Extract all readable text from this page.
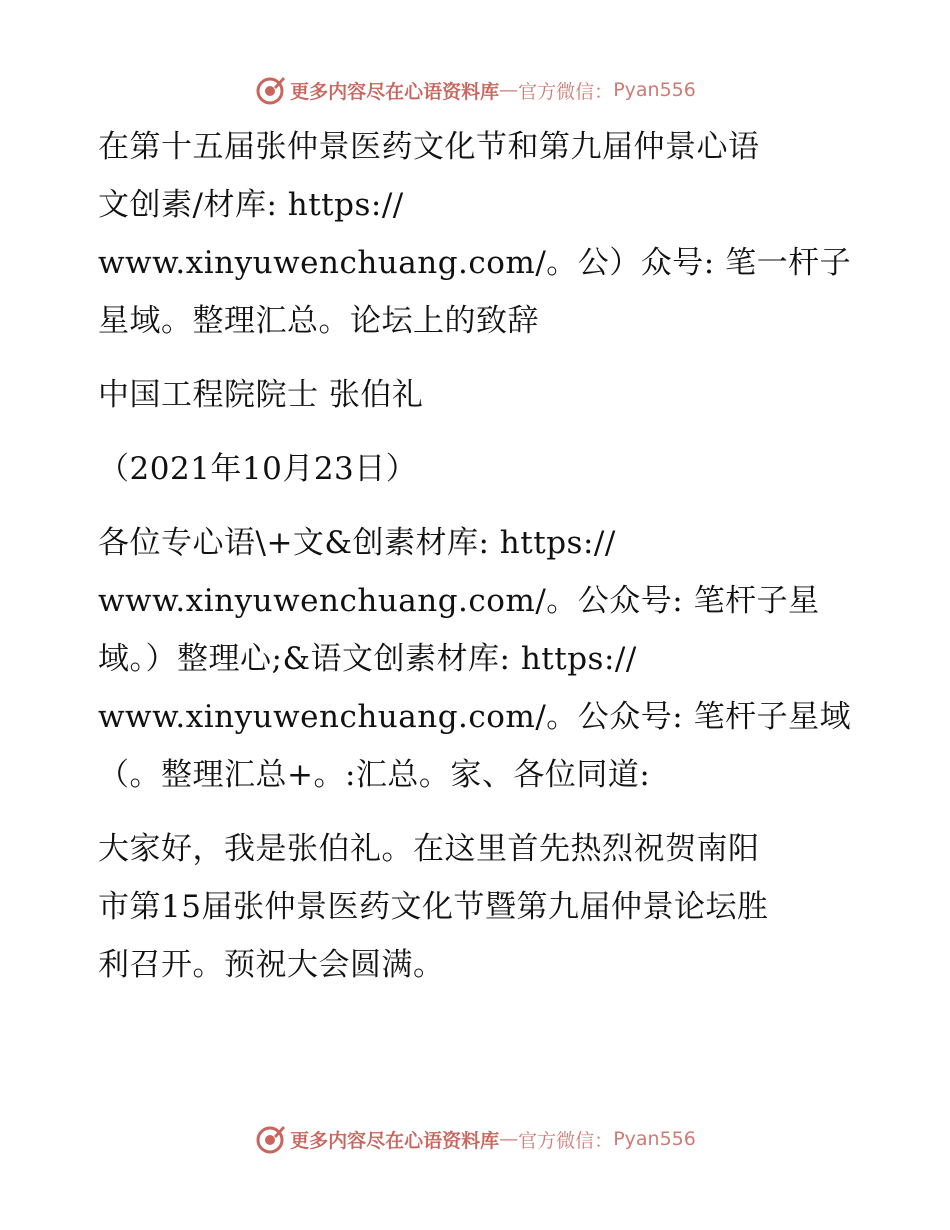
更多内容尽在心语资料库 — 官方微信： Pyan556
在第十五届张仲景医药文化节和第九届仲景心语
文创素/材库: https://
www.xinyuwenchuang.com/。公）众号: 笔一杆子
星域。整理汇总。论坛上的致辞
中国工程院院士 张伯礼
（2021年10月23日）
各位专心语\+文&创素材库: https://
www.xinyuwenchuang.com/。公众号: 笔杆子星
域。）整理心;&语文创素材库: https://
www.xinyuwenchuang.com/。公众号: 笔杆子星域
（。整理汇总+。:汇总。家、各位同道:
大家好，我是张伯礼。在这里首先热烈祝贺南阳
市第15届张仲景医药文化节暨第九届仲景论坛胜
利召开。预祝大会圆满。
更多内容尽在心语资料库 — 官方微信： Pyan556
